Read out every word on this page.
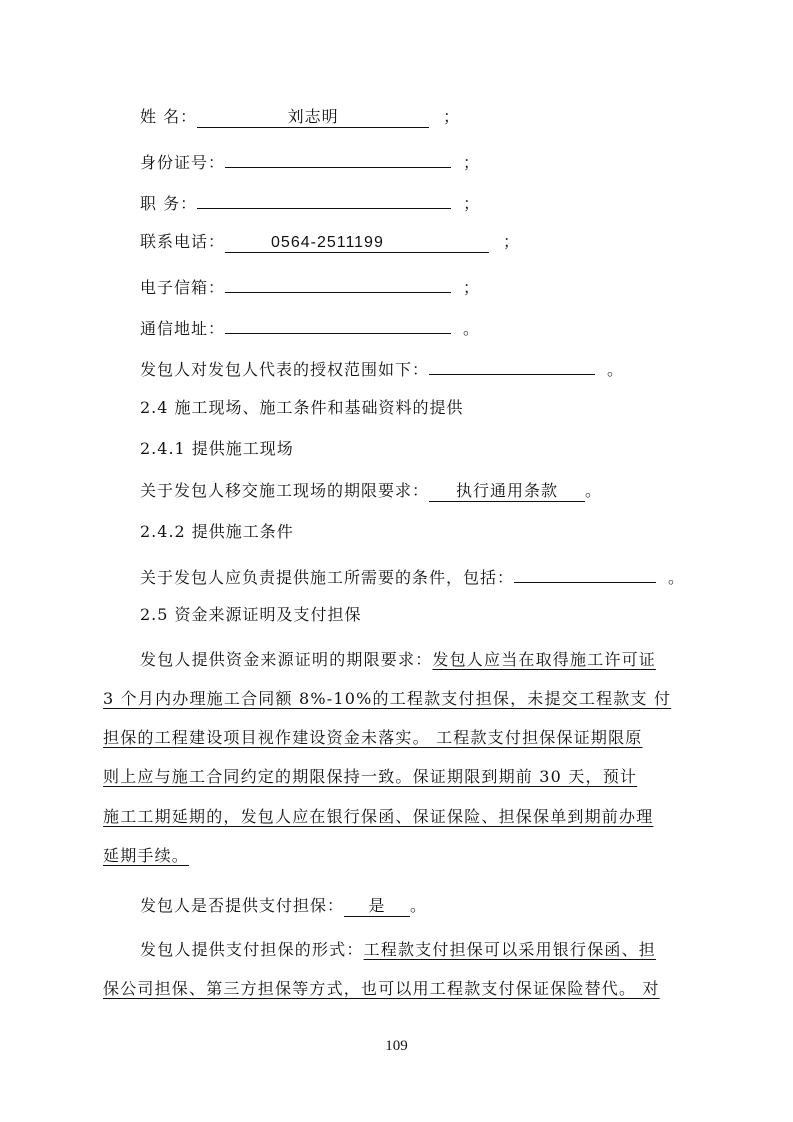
姓 名：	刘志明	；
身份证号：	；
职 务：	；
联系电话：	0564-2511199	；
电子信箱：	；
通信地址：	。
发包人对发包人代表的授权范围如下：	。
2.4 施工现场、施工条件和基础资料的提供
2.4.1 提供施工现场
关于发包人移交施工现场的期限要求： 执行通用条款 。
2.4.2 提供施工条件
关于发包人应负责提供施工所需要的条件，包括：	。
2.5 资金来源证明及支付担保
发包人提供资金来源证明的期限要求：发包人应当在取得施工许可证
3 个月内办理施工合同额 8%-10%的工程款支付担保，未提交工程款支 付
担保的工程建设项目视作建设资金未落实。 工程款支付担保保证期限原
则上应与施工合同约定的期限保持一致。保证期限到期前 30 天，预计
施工工期延期的，发包人应在银行保函、保证保险、担保保单到期前办理
延期手续。
发包人是否提供支付担保： 是 。
发包人提供支付担保的形式：工程款支付担保可以采用银行保函、担
保公司担保、第三方担保等方式，也可以用工程款支付保证保险替代。 对
109
